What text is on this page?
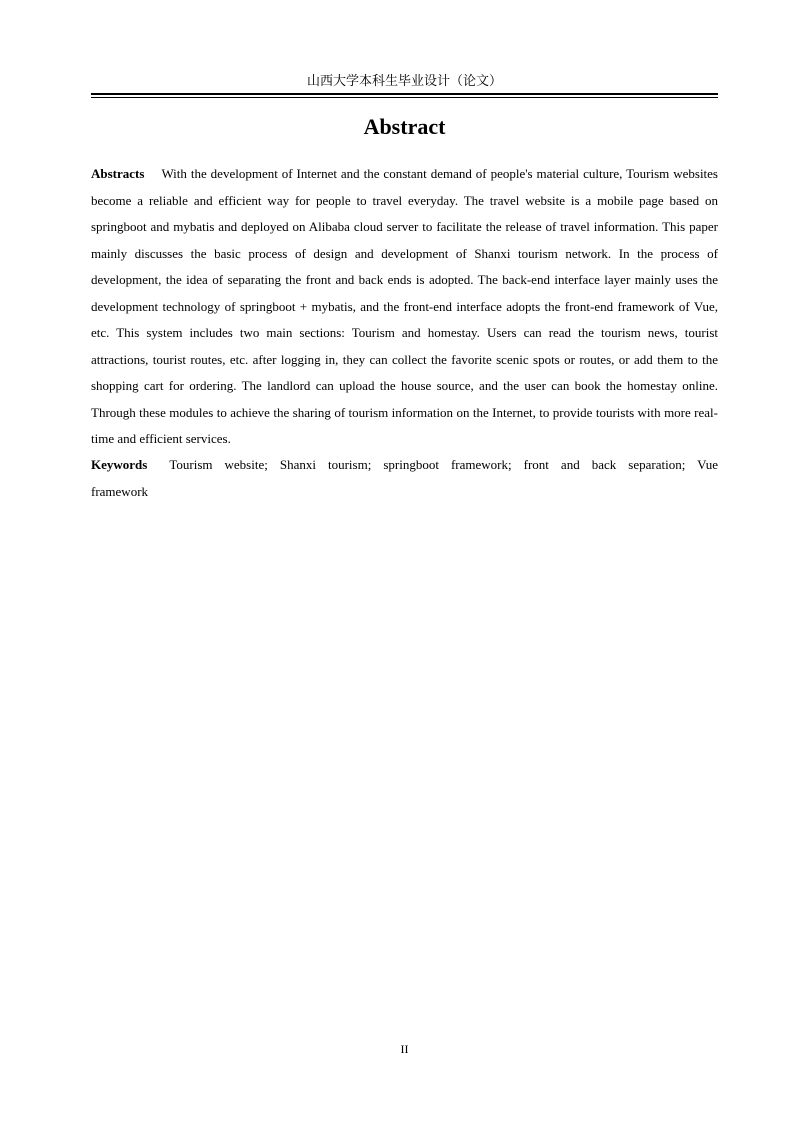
山西大学本科生毕业设计（论文）
Abstract

Abstracts With the development of Internet and the constant demand of people's material culture, Tourism websites become a reliable and efficient way for people to travel everyday. The travel website is a mobile page based on springboot and mybatis and deployed on Alibaba cloud server to facilitate the release of travel information. This paper mainly discusses the basic process of design and development of Shanxi tourism network. In the process of development, the idea of separating the front and back ends is adopted. The back-end interface layer mainly uses the development technology of springboot + mybatis, and the front-end interface adopts the front-end framework of Vue, etc. This system includes two main sections: Tourism and homestay. Users can read the tourism news, tourist attractions, tourist routes, etc. after logging in, they can collect the favorite scenic spots or routes, or add them to the shopping cart for ordering. The landlord can upload the house source, and the user can book the homestay online. Through these modules to achieve the sharing of tourism information on the Internet, to provide tourists with more real-time and efficient services.

Keywords Tourism website; Shanxi tourism; springboot framework; front and back separation; Vue framework

II
